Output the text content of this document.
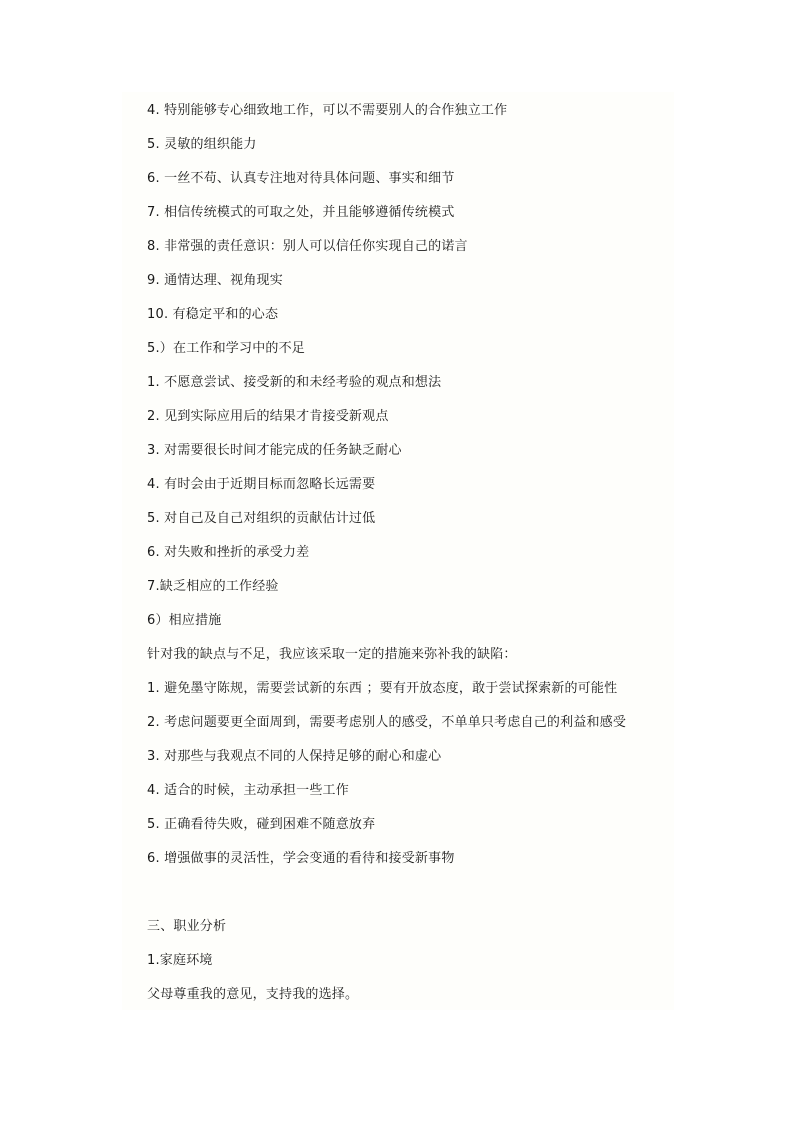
4. 特别能够专心细致地工作，可以不需要别人的合作独立工作
5. 灵敏的组织能力
6. 一丝不苟、认真专注地对待具体问题、事实和细节
7. 相信传统模式的可取之处，并且能够遵循传统模式
8. 非常强的责任意识：别人可以信任你实现自己的诺言
9. 通情达理、视角现实
10. 有稳定平和的心态
5.）在工作和学习中的不足
1. 不愿意尝试、接受新的和未经考验的观点和想法
2. 见到实际应用后的结果才肯接受新观点
3. 对需要很长时间才能完成的任务缺乏耐心
4. 有时会由于近期目标而忽略长远需要
5. 对自己及自己对组织的贡献估计过低
6. 对失败和挫折的承受力差
7.缺乏相应的工作经验
6）相应措施
针对我的缺点与不足，我应该采取一定的措施来弥补我的缺陷：
1. 避免墨守陈规，需要尝试新的东西 ；要有开放态度，敢于尝试探索新的可能性
2. 考虑问题要更全面周到，需要考虑别人的感受，不单单只考虑自己的利益和感受
3. 对那些与我观点不同的人保持足够的耐心和虚心
4. 适合的时候，主动承担一些工作
5. 正确看待失败，碰到困难不随意放弃
6. 增强做事的灵活性，学会变通的看待和接受新事物
三、职业分析
1.家庭环境
父母尊重我的意见，支持我的选择。
